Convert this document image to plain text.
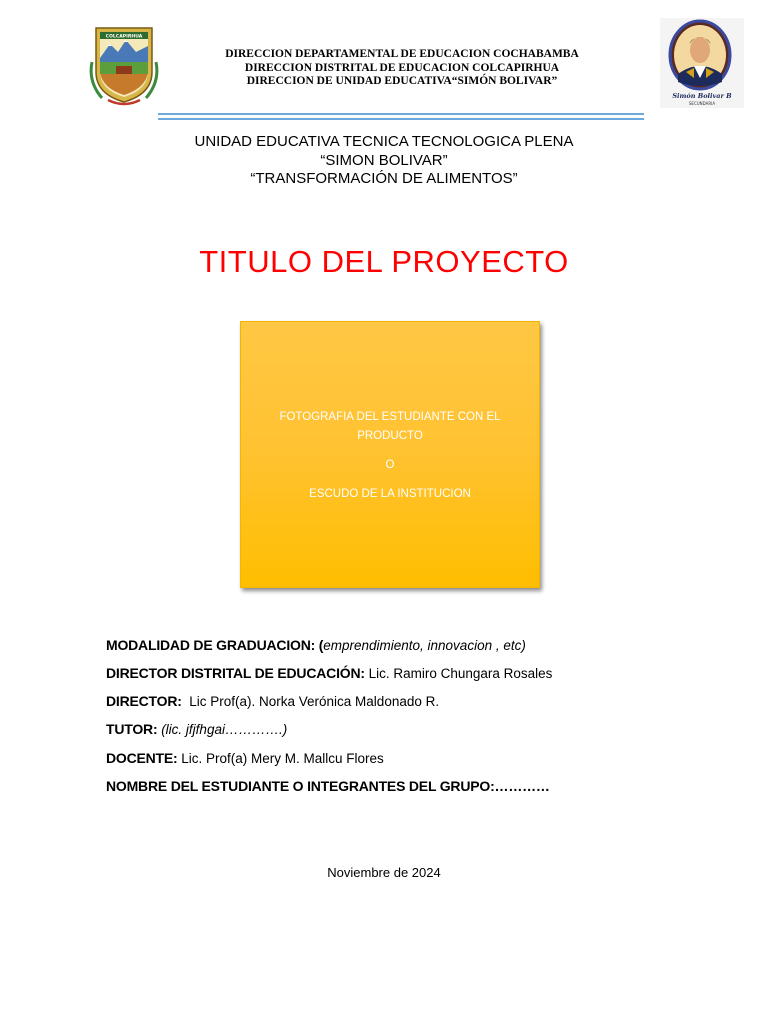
COLCAPIRHUA
DIRECCION DEPARTAMENTAL DE EDUCACION COCHABAMBA
DIRECCION DISTRITAL DE EDUCACION COLCAPIRHUA
DIRECCION DE UNIDAD EDUCATIVA“SIMÓN BOLIVAR”
Simón Bolivar B
SECUNDARIA
UNIDAD EDUCATIVA TECNICA TECNOLOGICA PLENA
“SIMON BOLIVAR”
“TRANSFORMACIÓN DE ALIMENTOS”
TITULO DEL PROYECTO
FOTOGRAFIA DEL ESTUDIANTE CON EL
PRODUCTO
O
ESCUDO DE LA INSTITUCION
MODALIDAD DE GRADUACION: (emprendimiento, innovacion , etc)
DIRECTOR DISTRITAL DE EDUCACIÓN: Lic. Ramiro Chungara Rosales
DIRECTOR:  Lic Prof(a). Norka Verónica Maldonado R.
TUTOR: (lic. jfjfhgai………….)
DOCENTE: Lic. Prof(a) Mery M. Mallcu Flores
NOMBRE DEL ESTUDIANTE O INTEGRANTES DEL GRUPO:…………
Noviembre de 2024
